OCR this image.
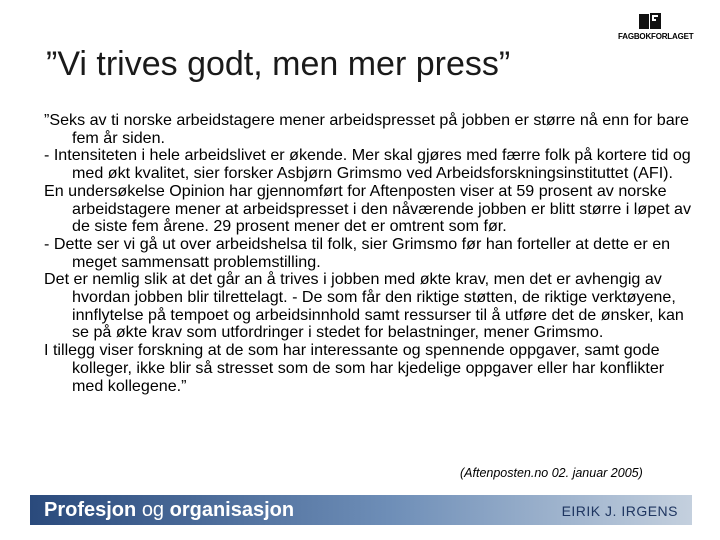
FAGBOKFORLAGET
”Vi trives godt, men mer press”

”Seks av ti norske arbeidstagere mener arbeidspresset på jobben er større nå enn for bare fem år siden.

- Intensiteten i hele arbeidslivet er økende. Mer skal gjøres med færre folk på kortere tid og med økt kvalitet, sier forsker Asbjørn Grimsmo ved Arbeidsforskningsinstituttet (AFI).

En undersøkelse Opinion har gjennomført for Aftenposten viser at 59 prosent av norske arbeidstagere mener at arbeidspresset i den nåværende jobben er blitt større i løpet av de siste fem årene. 29 prosent mener det er omtrent som før.

- Dette ser vi gå ut over arbeidshelsa til folk, sier Grimsmo før han forteller at dette er en meget sammensatt problemstilling.

Det er nemlig slik at det går an å trives i jobben med økte krav, men det er avhengig av hvordan jobben blir tilrettelagt. - De som får den riktige støtten, de riktige verktøyene, innflytelse på tempoet og arbeidsinnhold samt ressurser til å utføre det de ønsker, kan se på økte krav som utfordringer i stedet for belastninger, mener Grimsmo.

I tillegg viser forskning at de som har interessante og spennende oppgaver, samt gode kolleger, ikke blir så stresset som de som har kjedelige oppgaver eller har konflikter med kollegene.”

(Aftenposten.no 02. januar 2005)
Profesjon og organisasjon	EIRIK J. IRGENS
